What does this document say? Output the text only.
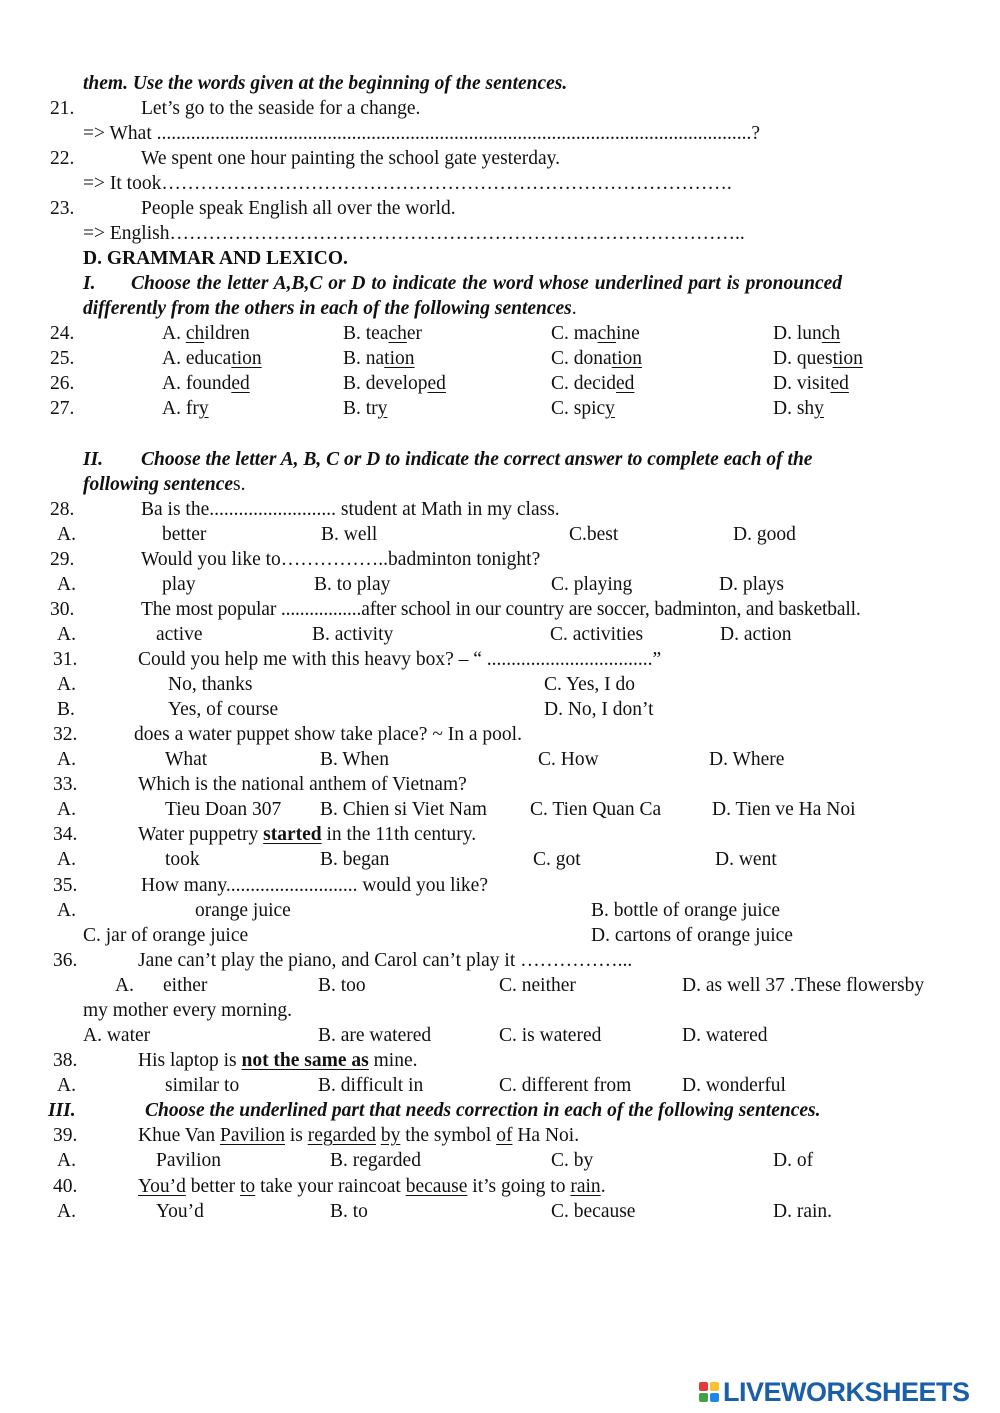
them. Use the words given at the beginning of the sentences.
21.	Let’s go to the seaside for a change.
=> What ..........................................................................................................................?
22.	We spent one hour painting the school gate yesterday.
=> It took…………………………………………………………………………….
23.	People speak English all over the world.
=> English……………………………………………………………………………..
D. GRAMMAR AND LEXICO.
I. Choose the letter A,B,C or D to indicate the word whose underlined part is pronounced
differently from the others in each of the following sentences.
24.	A. children	B. teacher	C. machine	D. lunch
25.	A. education	B. nation	C. donation	D. question
26.	A. founded	B. developed	C. decided	D. visited
27.	A. fry	B. try	C. spicy	D. shy
II. Choose the letter A, B, C or D to indicate the correct answer to complete each of the
following sentences.
28.	Ba is the.......................... student at Math in my class.
A.	better	B. well	C.best	D. good
29.	Would you like to……………..badminton tonight?
A.	play	B. to play	C. playing	D. plays
30.	The most popular .................after school in our country are soccer, badminton, and basketball.
A.	active	B. activity	C. activities	D. action
31.	Could you help me with this heavy box? – “ ..................................”
A.	No, thanks	C. Yes, I do
B.	Yes, of course	D. No, I don’t
32.	does a water puppet show take place? ~ In a pool.
A.	What	B. When	C. How	D. Where
33.	Which is the national anthem of Vietnam?
A.	Tieu Doan 307 B. Chien si Viet Nam C. Tien Quan Ca	D. Tien ve Ha Noi
34.	Water puppetry started in the 11th century.
A.	took	B. began	C. got	D. went
35.	How many........................... would you like?
A.	orange juice	B. bottle of orange juice
C. jar of orange juice	D. cartons of orange juice
36.	Jane can’t play the piano, and Carol can’t play it ……………...
A. either	B. too	C. neither	D. as well 37 .These flowersby
my mother every morning.
A. water	B. are watered	C. is watered	D. watered
38.	His laptop is not the same as mine.
A.	similar to	B. difficult in	C. different from	D. wonderful
III.	Choose the underlined part that needs correction in each of the following sentences.
39.	Khue Van Pavilion is regarded by the symbol of Ha Noi.
A.	Pavilion	B. regarded	C. by	D. of
40.	You’d better to take your raincoat because it’s going to rain.
A.	You’d	B. to	C. because	D. rain.
LIVEWORKSHEETS
